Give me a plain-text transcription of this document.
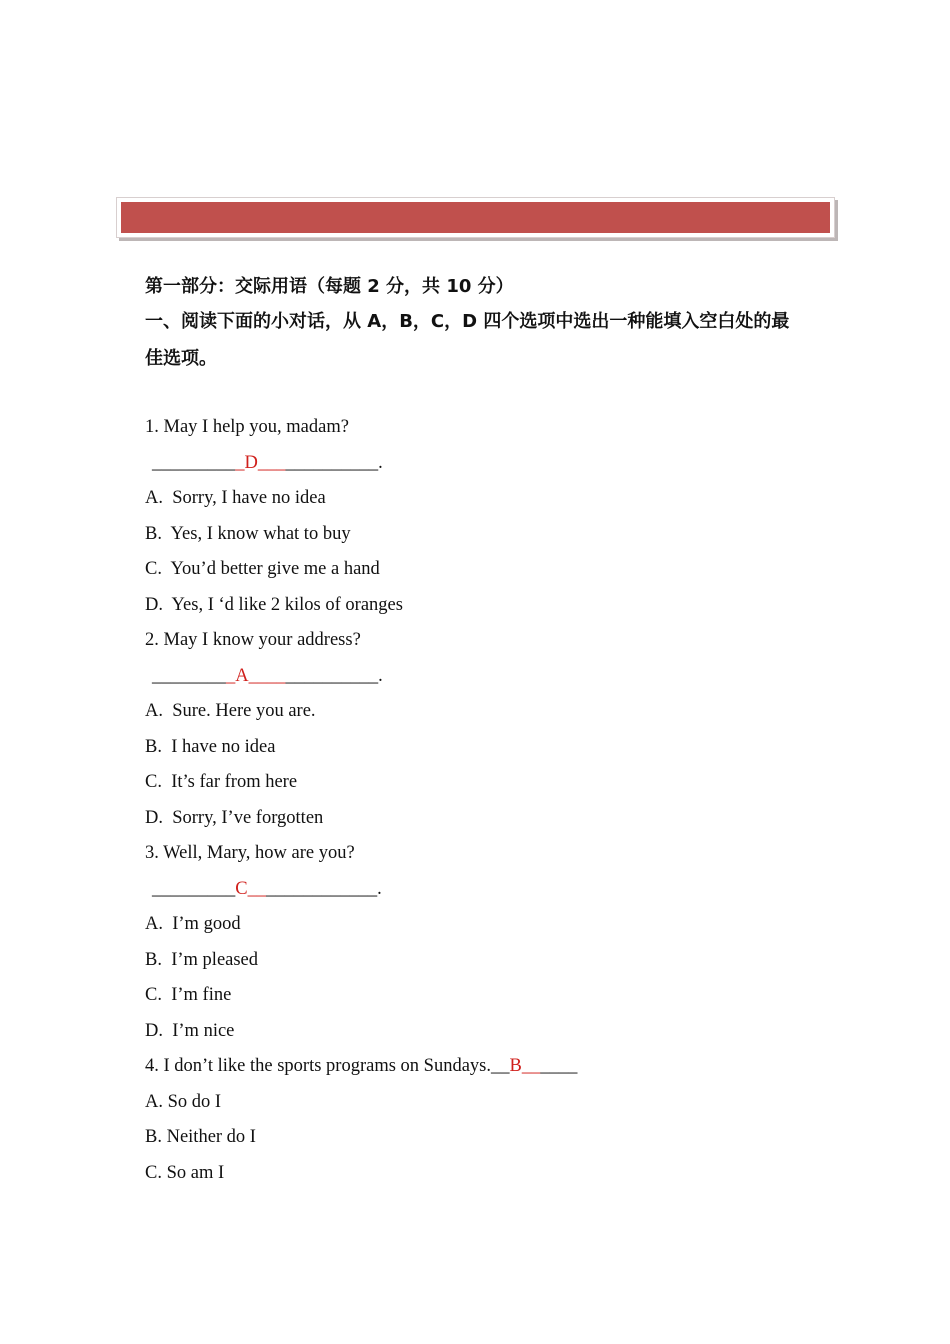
第一部分：交际用语（每题 2 分，共 10 分）
一、阅读下面的小对话，从 A，B，C，D 四个选项中选出一种能填入空白处的最
佳选项。
1. May I help you, madam?
__________D_____________.
A.  Sorry, I have no idea
B.  Yes, I know what to buy
C.  You’d better give me a hand
D.  Yes, I ‘d like 2 kilos of oranges
2. May I know your address?
_________A______________.
A.  Sure. Here you are.
B.  I have no idea
C.  It’s far from here
D.  Sorry, I’ve forgotten
3. Well, Mary, how are you?
_________C______________.
A.  I’m good
B.  I’m pleased
C.  I’m fine
D.  I’m nice
4. I don’t like the sports programs on Sundays.__B______
A. So do I
B. Neither do I
C. So am I
